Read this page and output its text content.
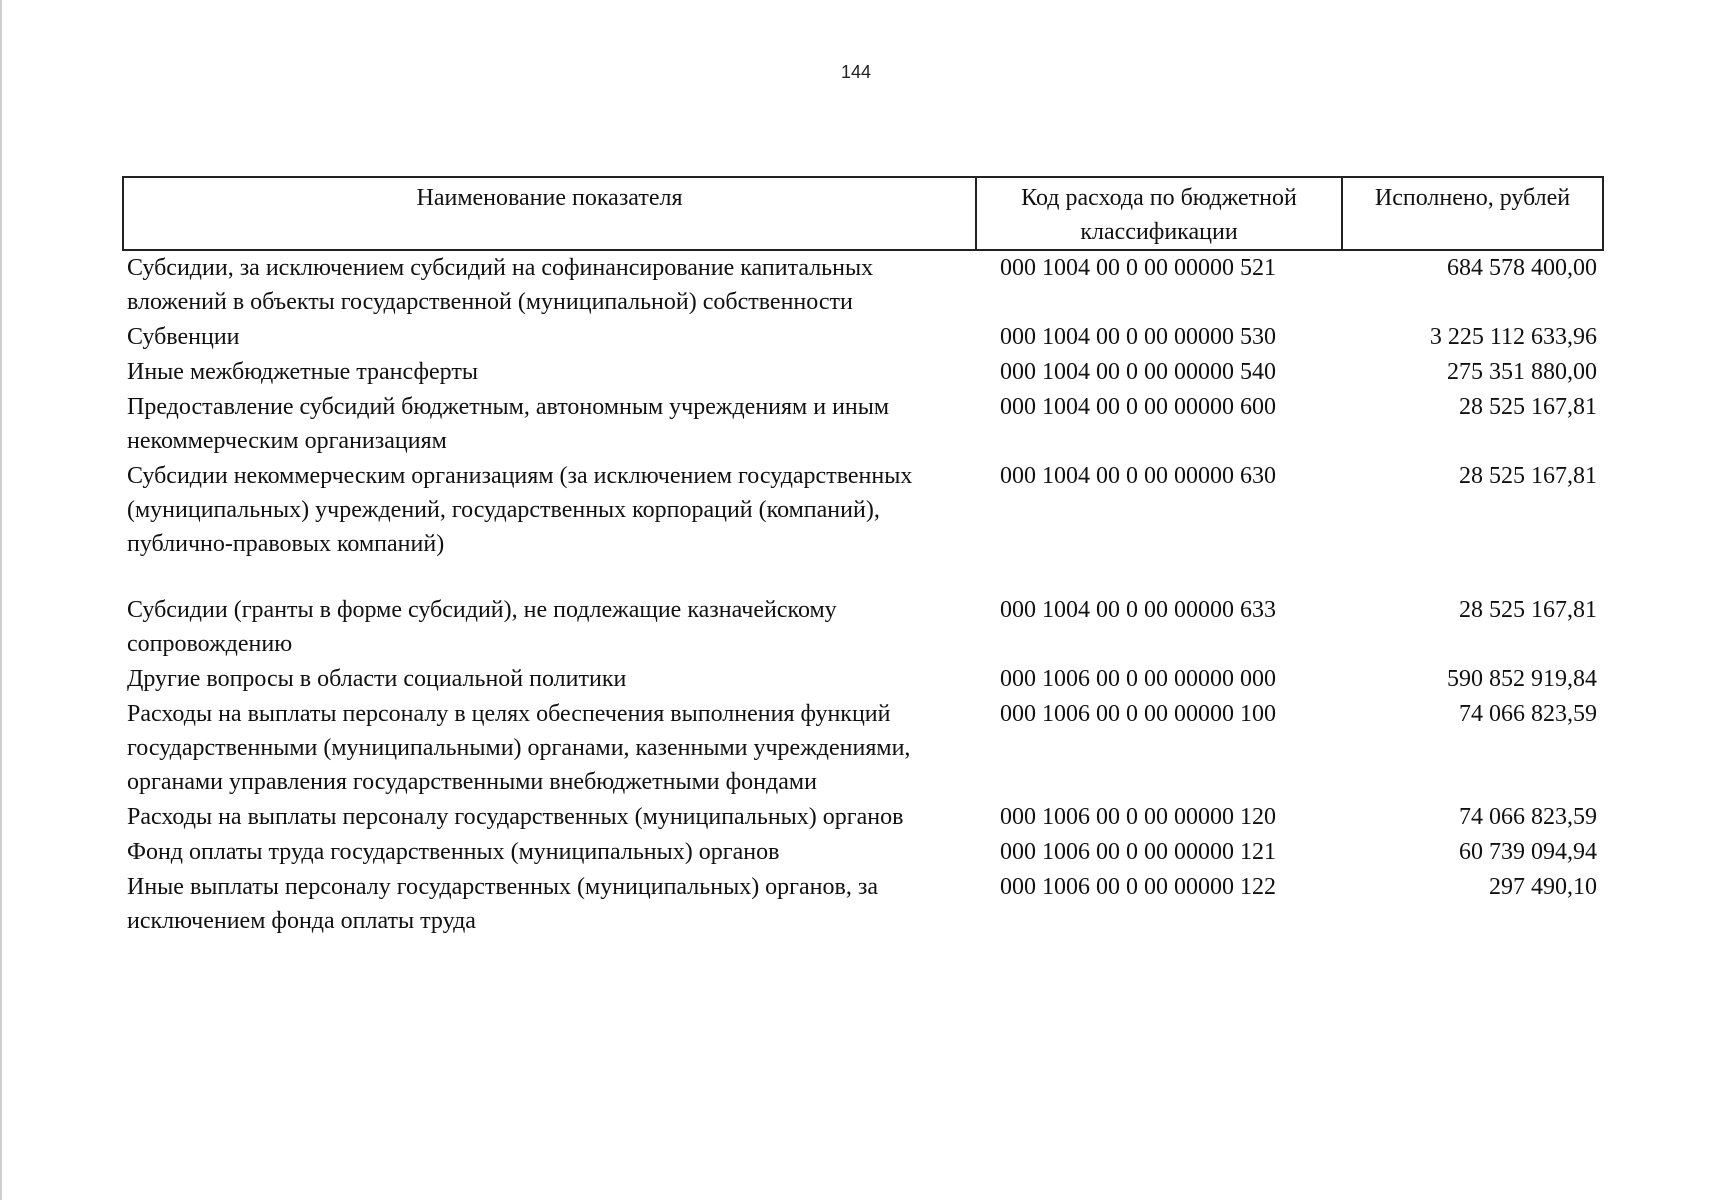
144
Наименование показателя	Код расхода по бюджетной классификации	Исполнено, рублей
Субсидии, за исключением субсидий на софинансирование капитальных вложений в объекты государственной (муниципальной) собственности	000 1004 00 0 00 00000 521	684 578 400,00
Субвенции	000 1004 00 0 00 00000 530	3 225 112 633,96
Иные межбюджетные трансферты	000 1004 00 0 00 00000 540	275 351 880,00
Предоставление субсидий бюджетным, автономным учреждениям и иным некоммерческим организациям	000 1004 00 0 00 00000 600	28 525 167,81
Субсидии некоммерческим организациям (за исключением государственных (муниципальных) учреждений, государственных корпораций (компаний), публично-правовых компаний)	000 1004 00 0 00 00000 630	28 525 167,81
Субсидии (гранты в форме субсидий), не подлежащие казначейскому сопровождению	000 1004 00 0 00 00000 633	28 525 167,81
Другие вопросы в области социальной политики	000 1006 00 0 00 00000 000	590 852 919,84
Расходы на выплаты персоналу в целях обеспечения выполнения функций государственными (муниципальными) органами, казенными учреждениями, органами управления государственными внебюджетными фондами	000 1006 00 0 00 00000 100	74 066 823,59
Расходы на выплаты персоналу государственных (муниципальных) органов	000 1006 00 0 00 00000 120	74 066 823,59
Фонд оплаты труда государственных (муниципальных) органов	000 1006 00 0 00 00000 121	60 739 094,94
Иные выплаты персоналу государственных (муниципальных) органов, за исключением фонда оплаты труда	000 1006 00 0 00 00000 122	297 490,10
